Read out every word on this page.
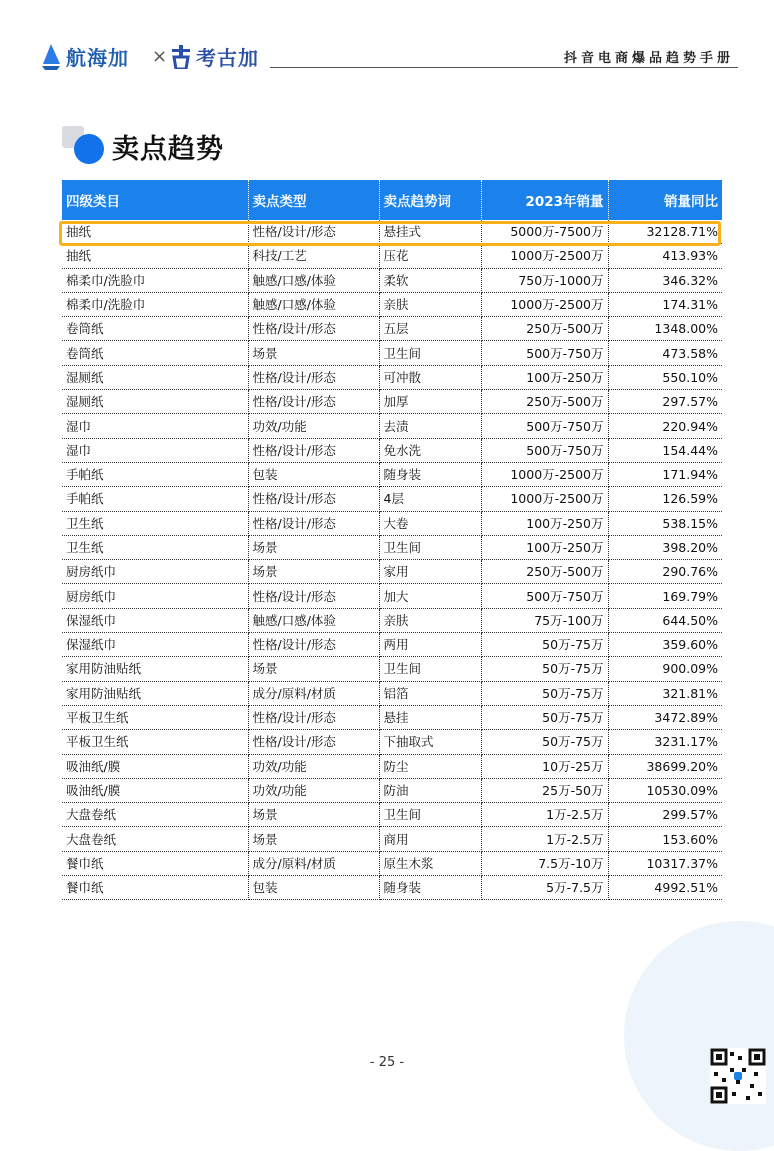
航海加 × 考古加	抖音电商爆品趋势手册
卖点趋势
四级类目	卖点类型	卖点趋势词	2023年销量	销量同比
抽纸	性格/设计/形态	悬挂式	5000万-7500万	32128.71%
抽纸	科技/工艺	压花	1000万-2500万	413.93%
棉柔巾/洗脸巾	触感/口感/体验	柔软	750万-1000万	346.32%
棉柔巾/洗脸巾	触感/口感/体验	亲肤	1000万-2500万	174.31%
卷筒纸	性格/设计/形态	五层	250万-500万	1348.00%
卷筒纸	场景	卫生间	500万-750万	473.58%
湿厕纸	性格/设计/形态	可冲散	100万-250万	550.10%
湿厕纸	性格/设计/形态	加厚	250万-500万	297.57%
湿巾	功效/功能	去渍	500万-750万	220.94%
湿巾	性格/设计/形态	免水洗	500万-750万	154.44%
手帕纸	包装	随身装	1000万-2500万	171.94%
手帕纸	性格/设计/形态	4层	1000万-2500万	126.59%
卫生纸	性格/设计/形态	大卷	100万-250万	538.15%
卫生纸	场景	卫生间	100万-250万	398.20%
厨房纸巾	场景	家用	250万-500万	290.76%
厨房纸巾	性格/设计/形态	加大	500万-750万	169.79%
保湿纸巾	触感/口感/体验	亲肤	75万-100万	644.50%
保湿纸巾	性格/设计/形态	两用	50万-75万	359.60%
家用防油贴纸	场景	卫生间	50万-75万	900.09%
家用防油贴纸	成分/原料/材质	铝箔	50万-75万	321.81%
平板卫生纸	性格/设计/形态	悬挂	50万-75万	3472.89%
平板卫生纸	性格/设计/形态	下抽取式	50万-75万	3231.17%
吸油纸/膜	功效/功能	防尘	10万-25万	38699.20%
吸油纸/膜	功效/功能	防油	25万-50万	10530.09%
大盘卷纸	场景	卫生间	1万-2.5万	299.57%
大盘卷纸	场景	商用	1万-2.5万	153.60%
餐巾纸	成分/原料/材质	原生木浆	7.5万-10万	10317.37%
餐巾纸	包装	随身装	5万-7.5万	4992.51%
- 25 -
